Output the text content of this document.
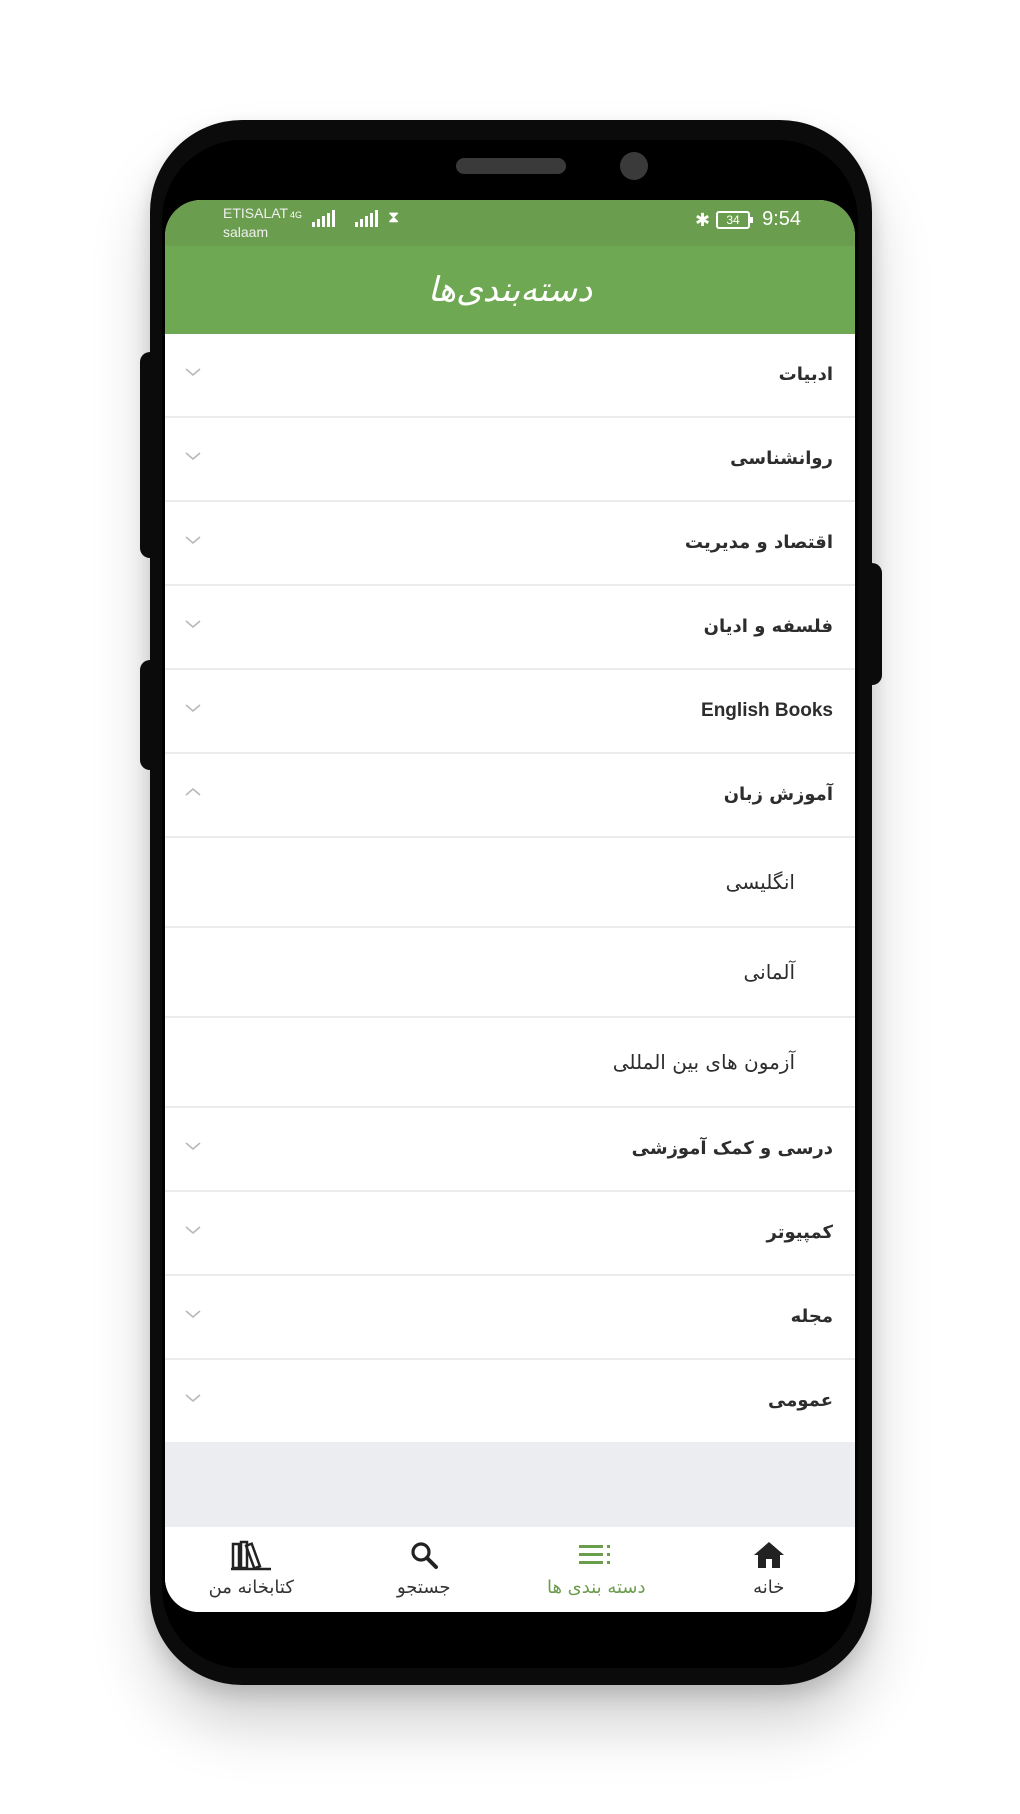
ETISALAT
salaam
4G	⧗	✱	34	9:54
دسته‌بندی‌ها
ادبیات
روانشناسی
اقتصاد و مدیریت
فلسفه و ادیان
English Books
آموزش زبان
انگلیسی
آلمانی
آزمون های بین المللی
درسی و کمک آموزشی
کمپیوتر
مجله
عمومی
کتابخانه من	جستجو	دسته بندی ها	خانه
